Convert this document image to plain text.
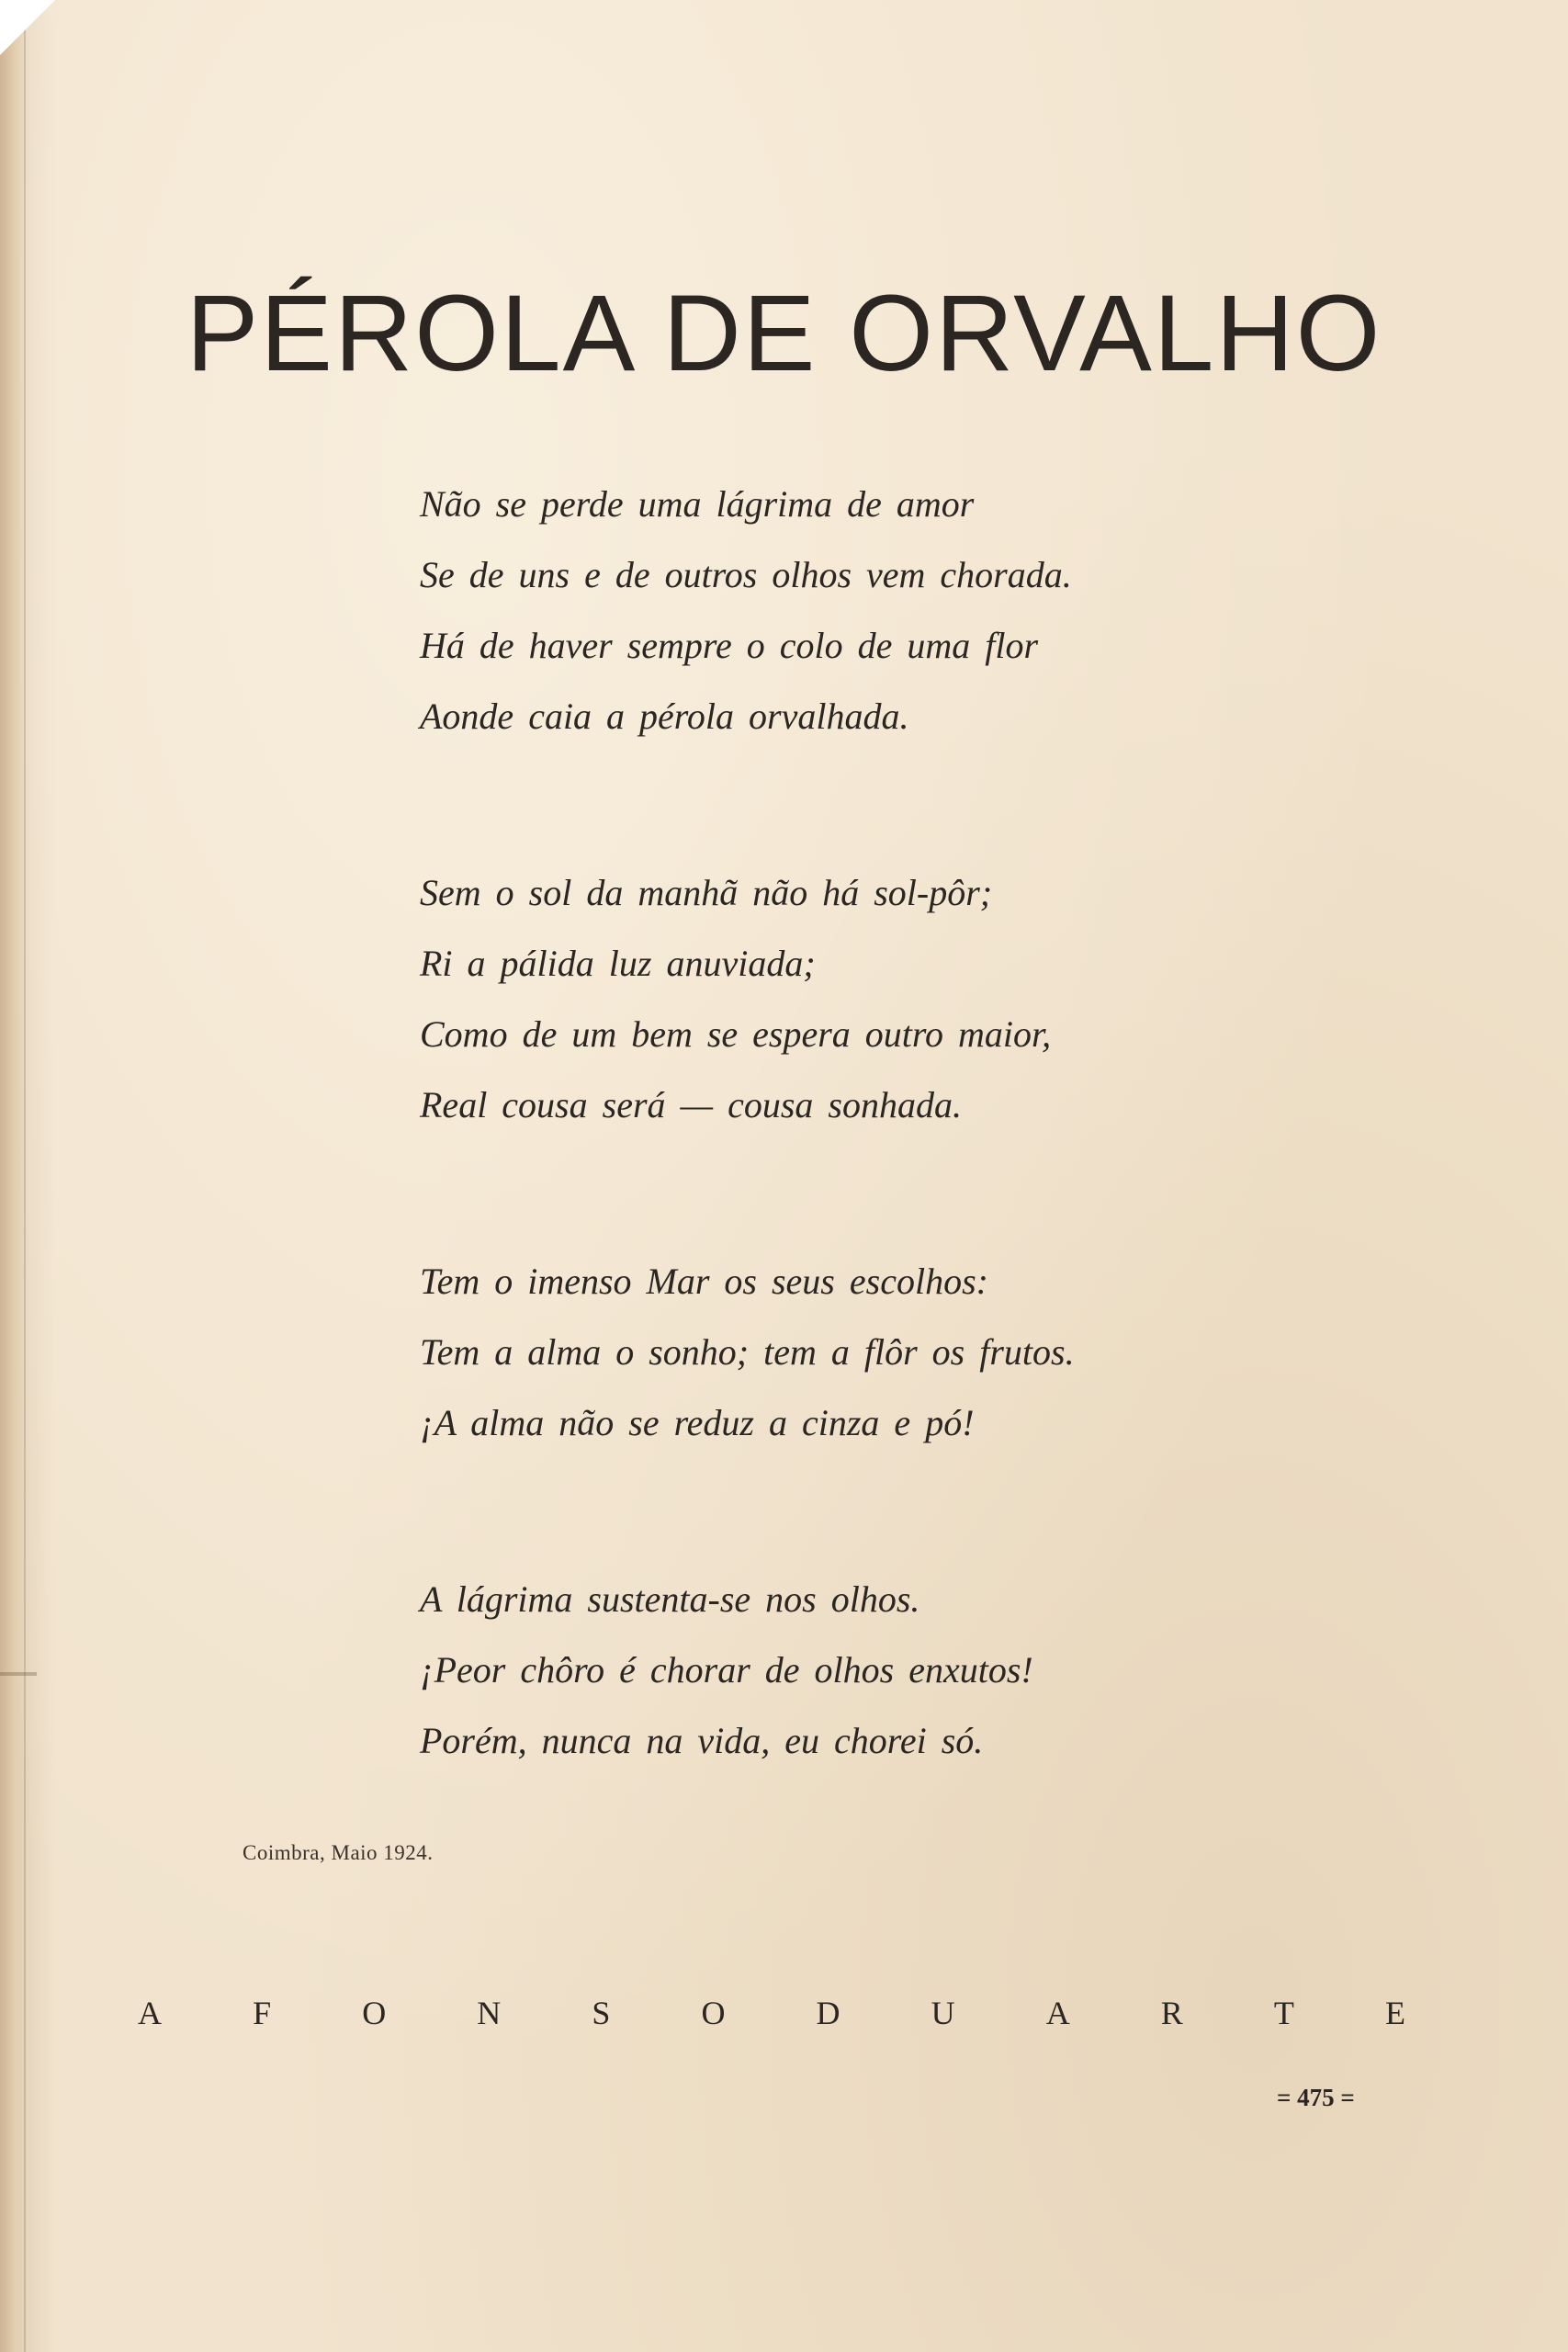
PÉROLA DE ORVALHO
Não se perde uma lágrima de amor
Se de uns e de outros olhos vem chorada.
Há de haver sempre o colo de uma flor
Aonde caia a pérola orvalhada.
Sem o sol da manhã não há sol-pôr;
Ri a pálida luz anuviada;
Como de um bem se espera outro maior,
Real cousa será — cousa sonhada.
Tem o imenso Mar os seus escolhos:
Tem a alma o sonho; tem a flôr os frutos.
¡A alma não se reduz a cinza e pó!
A lágrima sustenta-se nos olhos.
¡Peor chôro é chorar de olhos enxutos!
Porém, nunca na vida, eu chorei só.
Coimbra, Maio 1924.
A	F	O	N	S	O	D	U	A	R	T	E
= 475 =
